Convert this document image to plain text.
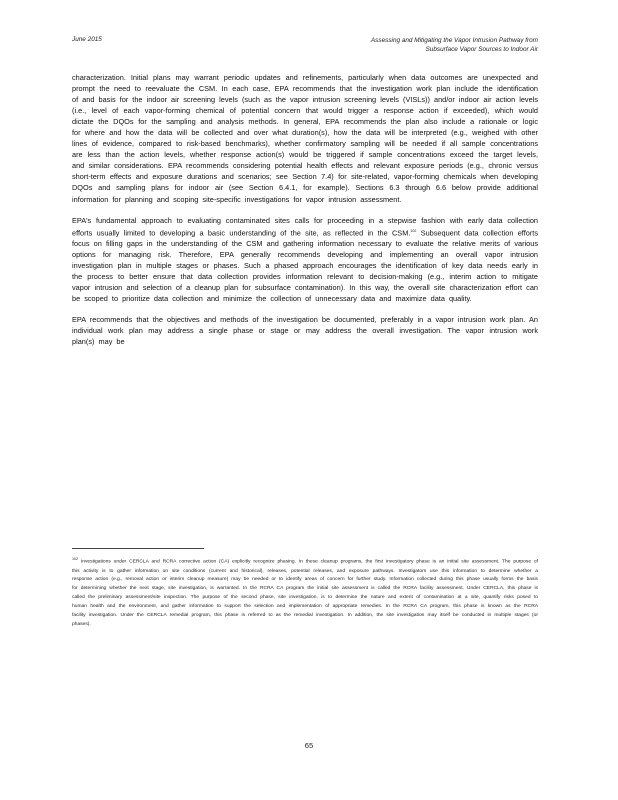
June 2015	Assessing and Mitigating the Vapor Intrusion Pathway from
Subsurface Vapor Sources to Indoor Air

characterization. Initial plans may warrant periodic updates and refinements, particularly when data outcomes are unexpected and prompt the need to reevaluate the CSM. In each case, EPA recommends that the investigation work plan include the identification of and basis for the indoor air screening levels (such as the vapor intrusion screening levels (VISLs)) and/or indoor air action levels (i.e., level of each vapor-forming chemical of potential concern that would trigger a response action if exceeded), which would dictate the DQOs for the sampling and analysis methods. In general, EPA recommends the plan also include a rationale or logic for where and how the data will be collected and over what duration(s), how the data will be interpreted (e.g., weighed with other lines of evidence, compared to risk-based benchmarks), whether confirmatory sampling will be needed if all sample concentrations are less than the action levels, whether response action(s) would be triggered if sample concentrations exceed the target levels, and similar considerations. EPA recommends considering potential health effects and relevant exposure periods (e.g., chronic versus short-term effects and exposure durations and scenarios; see Section 7.4) for site-related, vapor-forming chemicals when developing DQOs and sampling plans for indoor air (see Section 6.4.1, for example). Sections 6.3 through 6.6 below provide additional information for planning and scoping site-specific investigations for vapor intrusion assessment.

EPA's fundamental approach to evaluating contaminated sites calls for proceeding in a stepwise fashion with early data collection efforts usually limited to developing a basic understanding of the site, as reflected in the CSM.$^{102}$ Subsequent data collection efforts focus on filling gaps in the understanding of the CSM and gathering information necessary to evaluate the relative merits of various options for managing risk. Therefore, EPA generally recommends developing and implementing an overall vapor intrusion investigation plan in multiple stages or phases. Such a phased approach encourages the identification of key data needs early in the process to better ensure that data collection provides information relevant to decision-making (e.g., interim action to mitigate vapor intrusion and selection of a cleanup plan for subsurface contamination). In this way, the overall site characterization effort can be scoped to prioritize data collection and minimize the collection of unnecessary data and maximize data quality.

EPA recommends that the objectives and methods of the investigation be documented, preferably in a vapor intrusion work plan. An individual work plan may address a single phase or stage or may address the overall investigation. The vapor intrusion work plan(s) may be

$^{102}$ Investigations under CERCLA and RCRA corrective action (CA) explicitly recognize phasing. In these cleanup programs, the first investigatory phase is an initial site assessment. The purpose of this activity is to gather information on site conditions (current and historical), releases, potential releases, and exposure pathways. Investigators use this information to determine whether a response action (e.g., removal action or interim cleanup measure) may be needed or to identify areas of concern for further study. Information collected during this phase usually forms the basis for determining whether the next stage, site investigation, is warranted. In the RCRA CA program the initial site assessment is called the RCRA facility assessment. Under CERCLA, this phase is called the preliminary assessment/site inspection. The purpose of the second phase, site investigation, is to determine the nature and extent of contamination at a site, quantify risks posed to human health and the environment, and gather information to support the selection and implementation of appropriate remedies. In the RCRA CA program, this phase is known as the RCRA facility investigation. Under the CERCLA remedial program, this phase is referred to as the remedial investigation. In addition, the site investigation may itself be conducted in multiple stages (or phases).
65
